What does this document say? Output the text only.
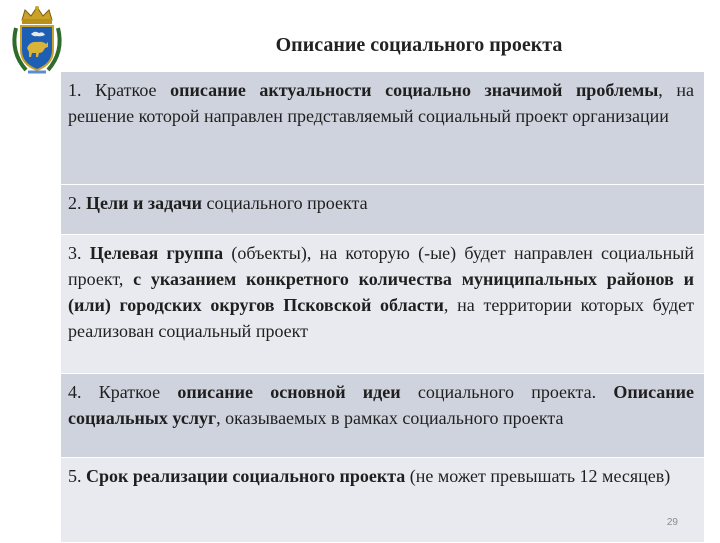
Описание социального проекта
1. Краткое описание актуальности социально значимой проблемы, на решение которой направлен представляемый социальный проект организации
2. Цели и задачи социального проекта
3. Целевая группа (объекты), на которую (-ые) будет направлен социальный проект, с указанием конкретного количества муниципальных районов и (или) городских округов Псковской области, на территории которых будет реализован социальный проект
4. Краткое описание основной идеи социального проекта. Описание социальных услуг, оказываемых в рамках социального проекта
5. Срок реализации социального проекта (не может превышать 12 месяцев)
29
